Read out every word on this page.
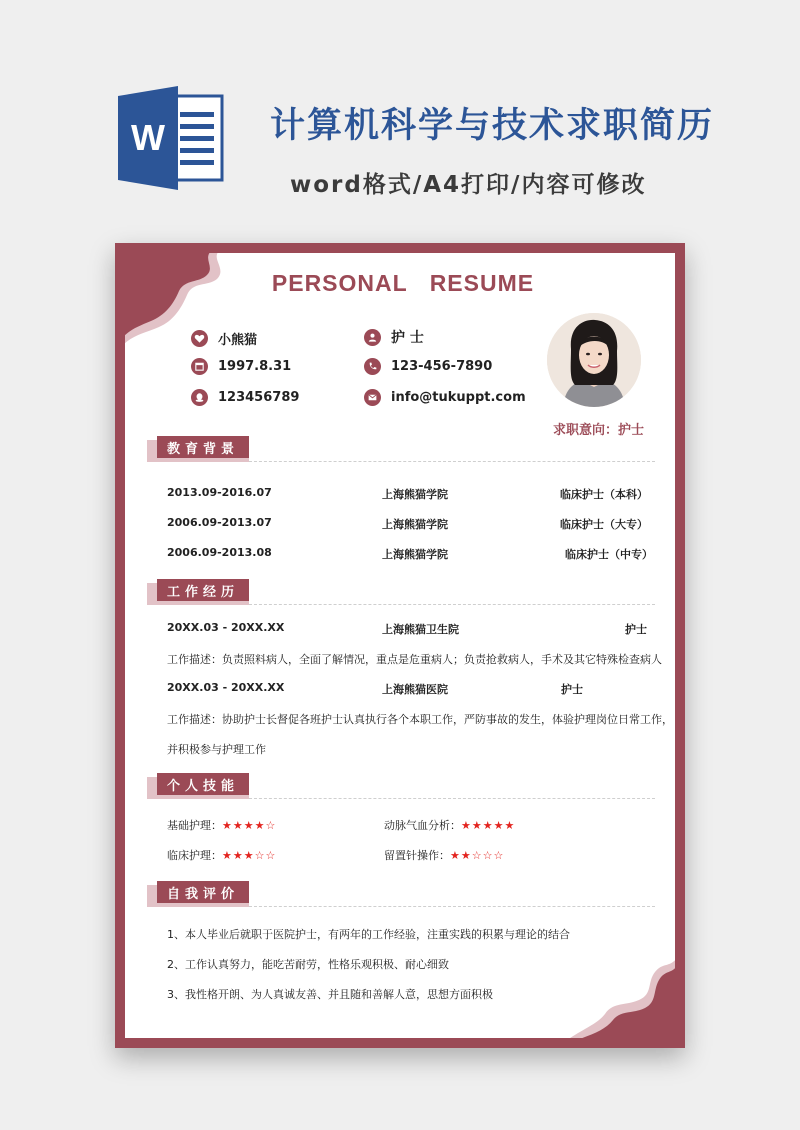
W	计算机科学与技术求职简历
word格式/A4打印/内容可修改
PERSONAL RESUME
小熊猫
1997.8.31
123456789
护 士
123-456-7890
info@tukuppt.com
求职意向：护士
教育背景
2013.09-2016.07	上海熊猫学院	临床护士（本科）
2006.09-2013.07	上海熊猫学院	临床护士（大专）
2006.09-2013.08	上海熊猫学院	临床护士（中专）
工作经历
20XX.03 - 20XX.XX	上海熊猫卫生院	护士
工作描述：负责照料病人，全面了解情况，重点是危重病人；负责抢救病人，手术及其它特殊检查病人
20XX.03 - 20XX.XX	上海熊猫医院	护士
工作描述：协助护士长督促各班护士认真执行各个本职工作，严防事故的发生，体验护理岗位日常工作，
并积极参与护理工作
个人技能
基础护理：★★★★☆	动脉气血分析：★★★★★
临床护理：★★★☆☆	留置针操作：★★☆☆☆
自我评价
1、本人毕业后就职于医院护士，有两年的工作经验，注重实践的积累与理论的结合
2、工作认真努力，能吃苦耐劳，性格乐观积极、耐心细致
3、我性格开朗、为人真诚友善、并且随和善解人意，思想方面积极
